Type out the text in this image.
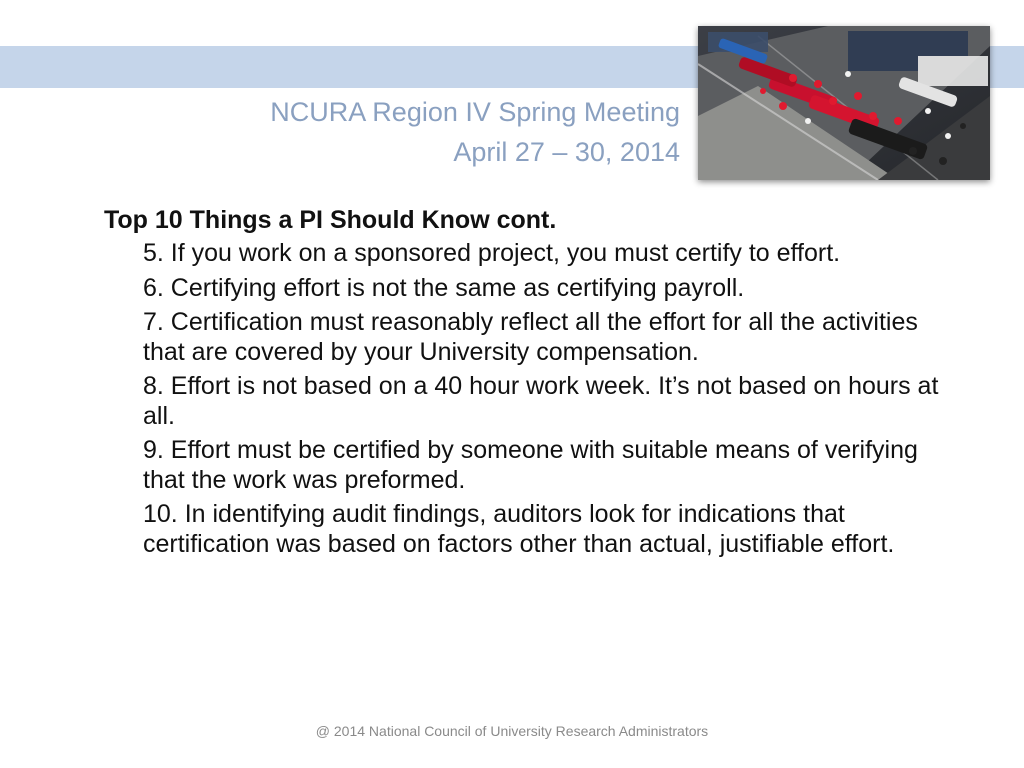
NCURA Region IV Spring Meeting
April 27 – 30, 2014

Top 10 Things a PI Should Know cont.

5. If you work on a sponsored project, you must certify to effort.
6. Certifying effort is not the same as certifying payroll.
7. Certification must reasonably reflect all the effort for all the activities that are covered by your University compensation.
8. Effort is not based on a 40 hour work week. It’s not based on hours at all.
9. Effort must be certified by someone with suitable means of verifying that the work was preformed.
10. In identifying audit findings, auditors look for indications that certification was based on factors other than actual, justifiable effort.
@ 2014 National Council of University Research Administrators
